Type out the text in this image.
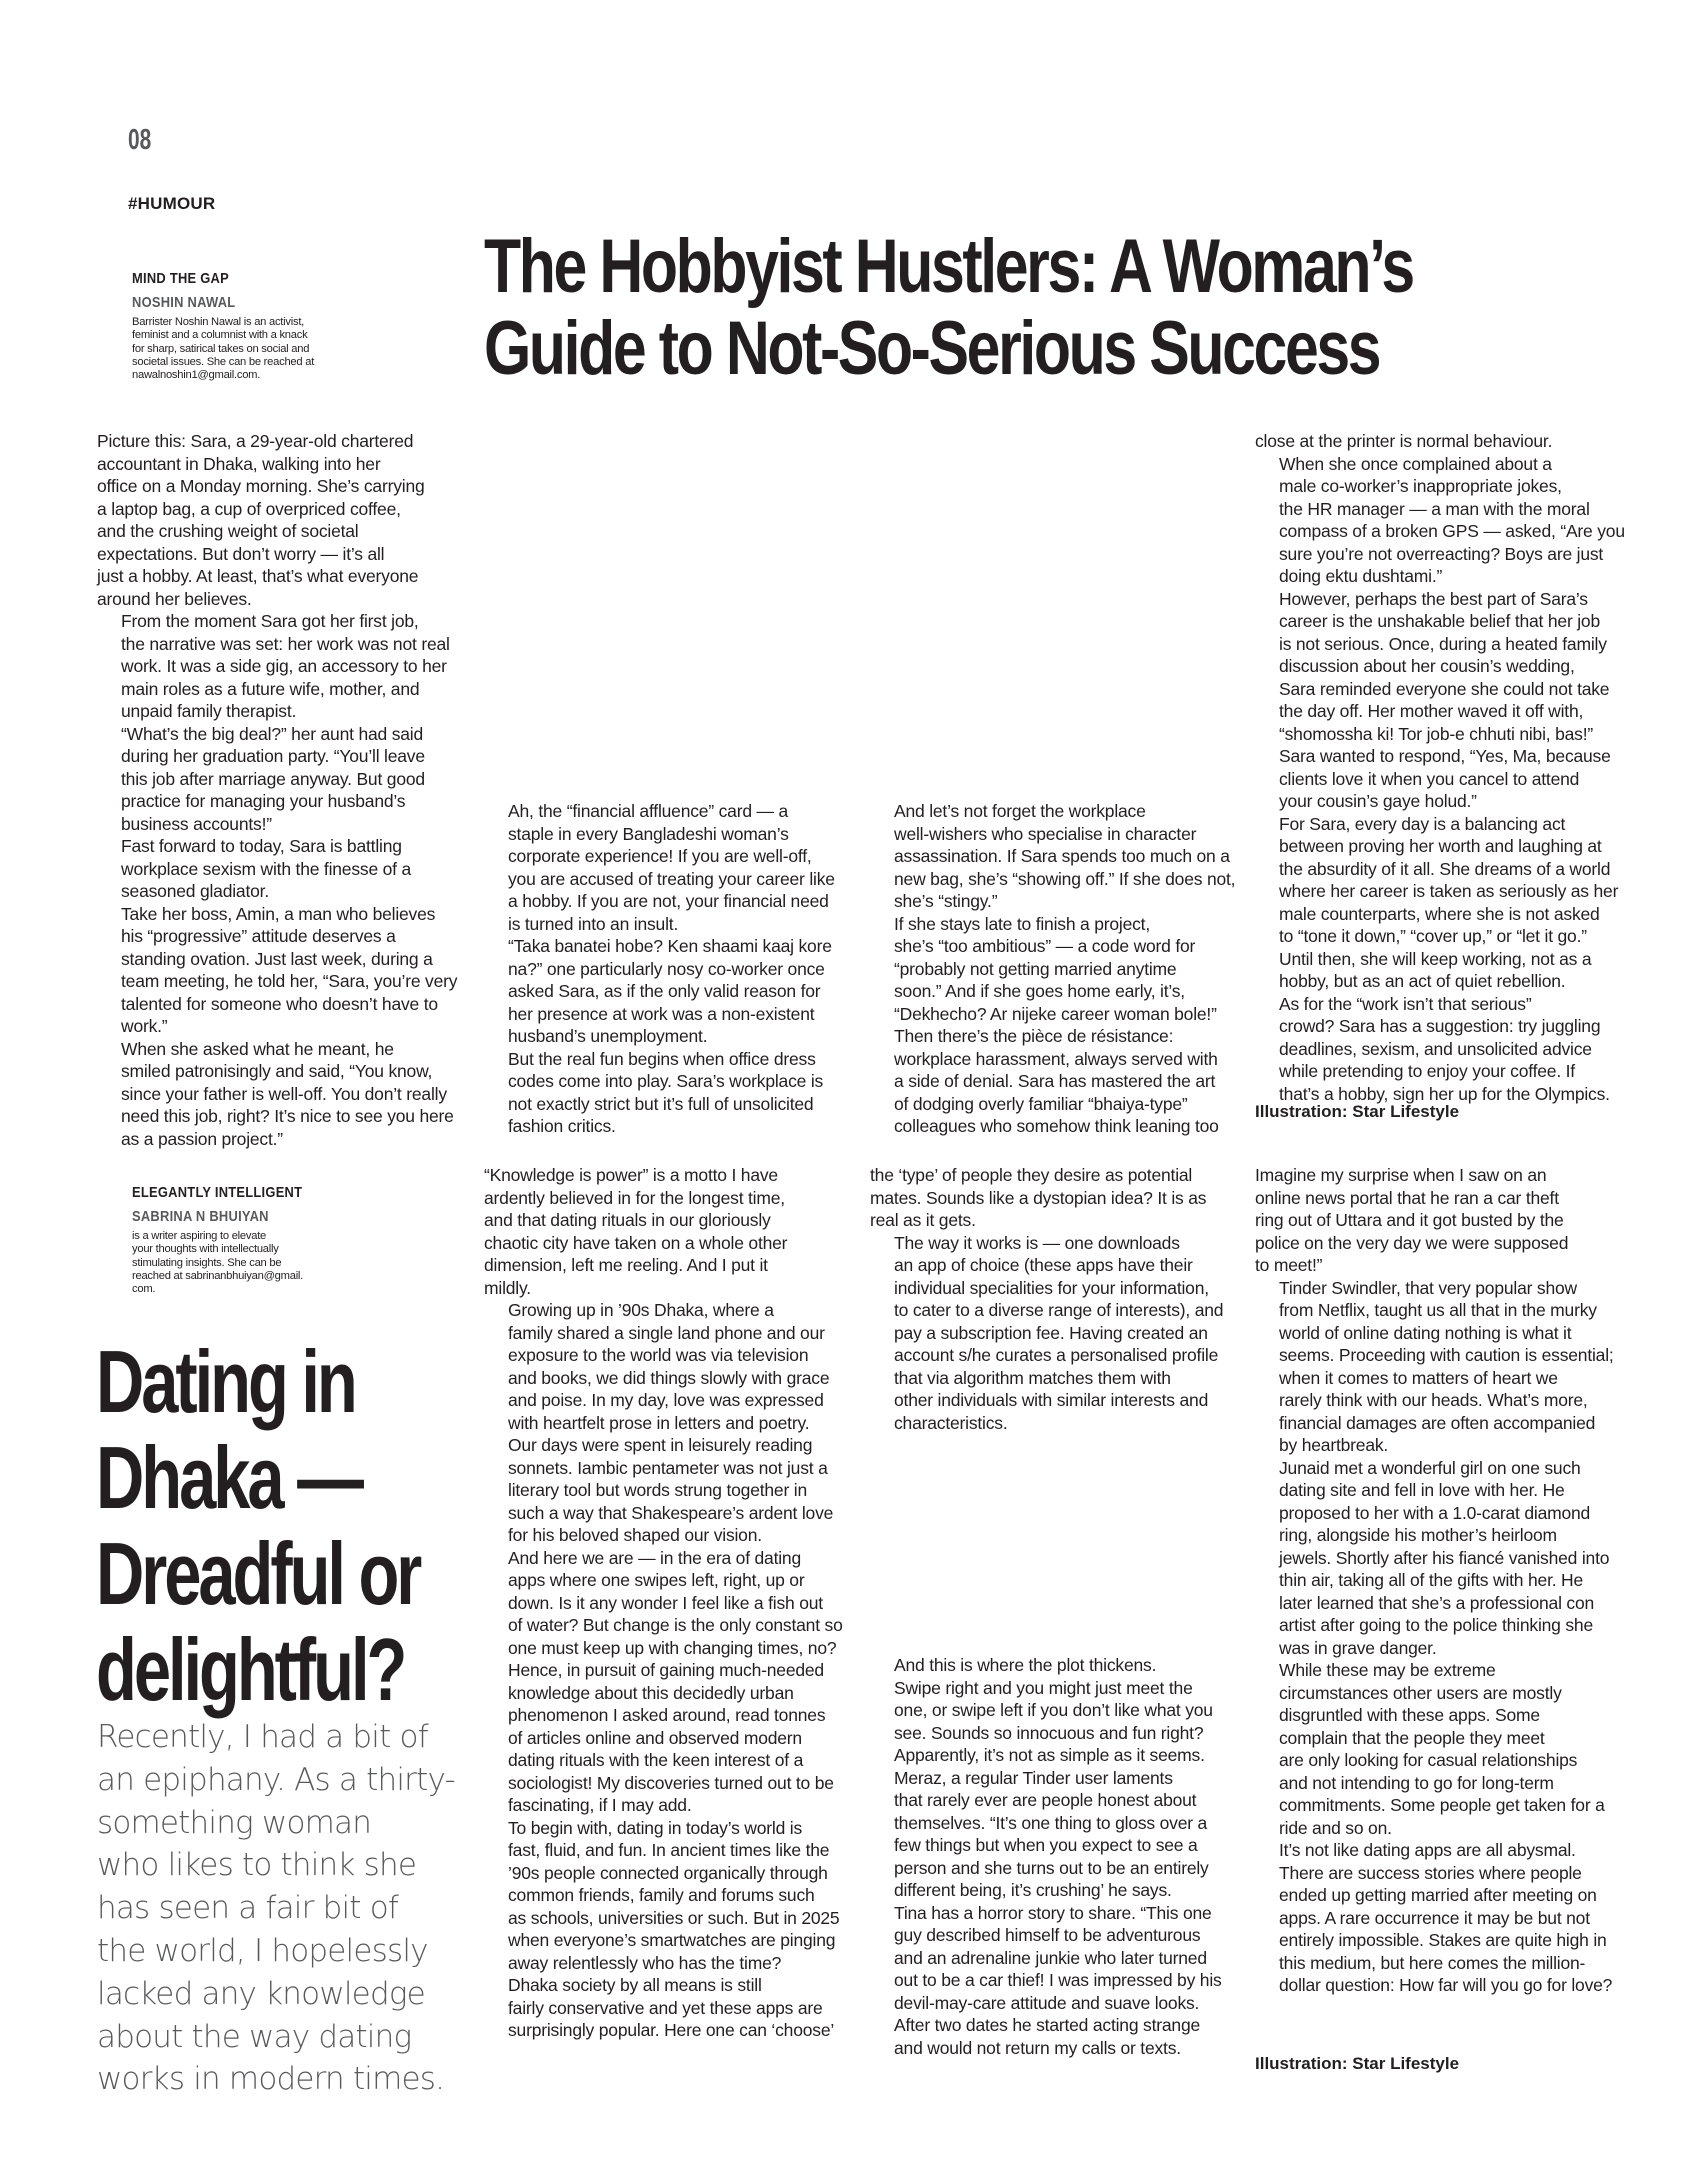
08
#HUMOUR
MIND THE GAP
NOSHIN NAWAL
Barrister Noshin Nawal is an activist,
feminist and a columnist with a knack
for sharp, satirical takes on social and
societal issues. She can be reached at
nawalnoshin1@gmail.com.
The Hobbyist Hustlers: A Woman’s
Guide to Not-So-Serious Success

Picture this: Sara, a 29-year-old chartered
accountant in Dhaka, walking into her
office on a Monday morning. She’s carrying
a laptop bag, a cup of overpriced coffee,
and the crushing weight of societal
expectations. But don’t worry — it’s all
just a hobby. At least, that’s what everyone
around her believes.

From the moment Sara got her first job,
the narrative was set: her work was not real
work. It was a side gig, an accessory to her
main roles as a future wife, mother, and
unpaid family therapist.

“What’s the big deal?” her aunt had said
during her graduation party. “You’ll leave
this job after marriage anyway. But good
practice for managing your husband’s
business accounts!”

Fast forward to today, Sara is battling
workplace sexism with the finesse of a
seasoned gladiator.

Take her boss, Amin, a man who believes
his “progressive” attitude deserves a
standing ovation. Just last week, during a
team meeting, he told her, “Sara, you’re very
talented for someone who doesn’t have to
work.”

When she asked what he meant, he
smiled patronisingly and said, “You know,
since your father is well-off. You don’t really
need this job, right? It’s nice to see you here
as a passion project.”

Ah, the “financial affluence” card — a
staple in every Bangladeshi woman’s
corporate experience! If you are well-off,
you are accused of treating your career like
a hobby. If you are not, your financial need
is turned into an insult.

“Taka banatei hobe? Ken shaami kaaj kore
na?” one particularly nosy co-worker once
asked Sara, as if the only valid reason for
her presence at work was a non-existent
husband’s unemployment.

But the real fun begins when office dress
codes come into play. Sara’s workplace is
not exactly strict but it’s full of unsolicited
fashion critics.

And let’s not forget the workplace
well-wishers who specialise in character
assassination. If Sara spends too much on a
new bag, she’s “showing off.” If she does not,
she’s “stingy.”

If she stays late to finish a project,
she’s “too ambitious” — a code word for
“probably not getting married anytime
soon.” And if she goes home early, it’s,
“Dekhecho? Ar nijeke career woman bole!”

Then there’s the pièce de résistance:
workplace harassment, always served with
a side of denial. Sara has mastered the art
of dodging overly familiar “bhaiya-type”
colleagues who somehow think leaning too

close at the printer is normal behaviour.

When she once complained about a
male co-worker’s inappropriate jokes,
the HR manager — a man with the moral
compass of a broken GPS — asked, “Are you
sure you’re not overreacting? Boys are just
doing ektu dushtami.”

However, perhaps the best part of Sara’s
career is the unshakable belief that her job
is not serious. Once, during a heated family
discussion about her cousin’s wedding,
Sara reminded everyone she could not take
the day off. Her mother waved it off with,
“shomossha ki! Tor job-e chhuti nibi, bas!”
Sara wanted to respond, “Yes, Ma, because
clients love it when you cancel to attend
your cousin’s gaye holud.”

For Sara, every day is a balancing act
between proving her worth and laughing at
the absurdity of it all. She dreams of a world
where her career is taken as seriously as her
male counterparts, where she is not asked
to “tone it down,” “cover up,” or “let it go.”
Until then, she will keep working, not as a
hobby, but as an act of quiet rebellion.

As for the “work isn’t that serious”
crowd? Sara has a suggestion: try juggling
deadlines, sexism, and unsolicited advice
while pretending to enjoy your coffee. If
that’s a hobby, sign her up for the Olympics.

Illustration: Star Lifestyle
ELEGANTLY INTELLIGENT
SABRINA N BHUIYAN
is a writer aspiring to elevate
your thoughts with intellectually
stimulating insights. She can be
reached at sabrinanbhuiyan@gmail.
com.
Dating in
Dhaka —
Dreadful or
delightful?
Recently, I had a bit of
an epiphany. As a thirty-
something woman
who likes to think she
has seen a fair bit of
the world, I hopelessly
lacked any knowledge
about the way dating
works in modern times.

“Knowledge is power” is a motto I have
ardently believed in for the longest time,
and that dating rituals in our gloriously
chaotic city have taken on a whole other
dimension, left me reeling. And I put it
mildly.

Growing up in ’90s Dhaka, where a
family shared a single land phone and our
exposure to the world was via television
and books, we did things slowly with grace
and poise. In my day, love was expressed
with heartfelt prose in letters and poetry.
Our days were spent in leisurely reading
sonnets. Iambic pentameter was not just a
literary tool but words strung together in
such a way that Shakespeare’s ardent love
for his beloved shaped our vision.

And here we are — in the era of dating
apps where one swipes left, right, up or
down. Is it any wonder I feel like a fish out
of water? But change is the only constant so
one must keep up with changing times, no?
Hence, in pursuit of gaining much-needed
knowledge about this decidedly urban
phenomenon I asked around, read tonnes
of articles online and observed modern
dating rituals with the keen interest of a
sociologist! My discoveries turned out to be
fascinating, if I may add.

To begin with, dating in today’s world is
fast, fluid, and fun. In ancient times like the
’90s people connected organically through
common friends, family and forums such
as schools, universities or such. But in 2025
when everyone’s smartwatches are pinging
away relentlessly who has the time?

Dhaka society by all means is still
fairly conservative and yet these apps are
surprisingly popular. Here one can ‘choose’

the ‘type’ of people they desire as potential
mates. Sounds like a dystopian idea? It is as
real as it gets.

The way it works is — one downloads
an app of choice (these apps have their
individual specialities for your information,
to cater to a diverse range of interests), and
pay a subscription fee. Having created an
account s/he curates a personalised profile
that via algorithm matches them with
other individuals with similar interests and
characteristics.

And this is where the plot thickens.
Swipe right and you might just meet the
one, or swipe left if you don’t like what you
see. Sounds so innocuous and fun right?
Apparently, it’s not as simple as it seems.

Meraz, a regular Tinder user laments
that rarely ever are people honest about
themselves. “It’s one thing to gloss over a
few things but when you expect to see a
person and she turns out to be an entirely
different being, it’s crushing’ he says.

Tina has a horror story to share. “This one
guy described himself to be adventurous
and an adrenaline junkie who later turned
out to be a car thief! I was impressed by his
devil-may-care attitude and suave looks.
After two dates he started acting strange
and would not return my calls or texts.

Imagine my surprise when I saw on an
online news portal that he ran a car theft
ring out of Uttara and it got busted by the
police on the very day we were supposed
to meet!”

Tinder Swindler, that very popular show
from Netflix, taught us all that in the murky
world of online dating nothing is what it
seems. Proceeding with caution is essential;
when it comes to matters of heart we
rarely think with our heads. What’s more,
financial damages are often accompanied
by heartbreak.

Junaid met a wonderful girl on one such
dating site and fell in love with her. He
proposed to her with a 1.0-carat diamond
ring, alongside his mother’s heirloom
jewels. Shortly after his fiancé vanished into
thin air, taking all of the gifts with her. He
later learned that she’s a professional con
artist after going to the police thinking she
was in grave danger.

While these may be extreme
circumstances other users are mostly
disgruntled with these apps. Some
complain that the people they meet
are only looking for casual relationships
and not intending to go for long-term
commitments. Some people get taken for a
ride and so on.

It’s not like dating apps are all abysmal.
There are success stories where people
ended up getting married after meeting on
apps. A rare occurrence it may be but not
entirely impossible. Stakes are quite high in
this medium, but here comes the million-
dollar question: How far will you go for love?

Illustration: Star Lifestyle
